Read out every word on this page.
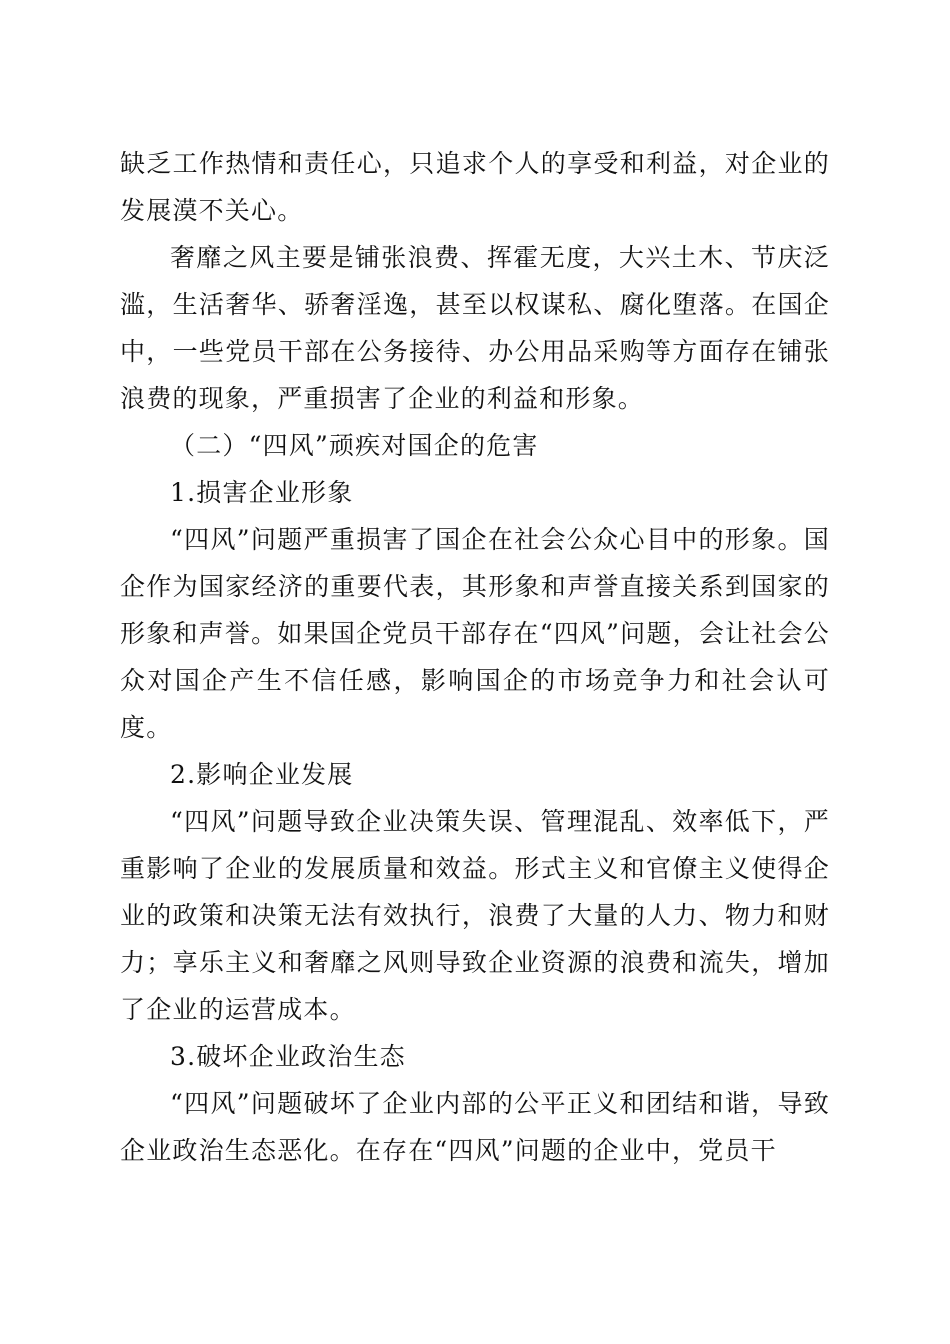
缺乏工作热情和责任心，只追求个人的享受和利益，对企业的发展漠不关心。

奢靡之风主要是铺张浪费、挥霍无度，大兴土木、节庆泛滥，生活奢华、骄奢淫逸，甚至以权谋私、腐化堕落。在国企中，一些党员干部在公务接待、办公用品采购等方面存在铺张浪费的现象，严重损害了企业的利益和形象。

（二）“四风”顽疾对国企的危害

1.损害企业形象

“四风”问题严重损害了国企在社会公众心目中的形象。国企作为国家经济的重要代表，其形象和声誉直接关系到国家的形象和声誉。如果国企党员干部存在“四风”问题，会让社会公众对国企产生不信任感，影响国企的市场竞争力和社会认可度。

2.影响企业发展

“四风”问题导致企业决策失误、管理混乱、效率低下，严重影响了企业的发展质量和效益。形式主义和官僚主义使得企业的政策和决策无法有效执行，浪费了大量的人力、物力和财力；享乐主义和奢靡之风则导致企业资源的浪费和流失，增加了企业的运营成本。

3.破坏企业政治生态

“四风”问题破坏了企业内部的公平正义和团结和谐，导致企业政治生态恶化。在存在“四风”问题的企业中，党员干
